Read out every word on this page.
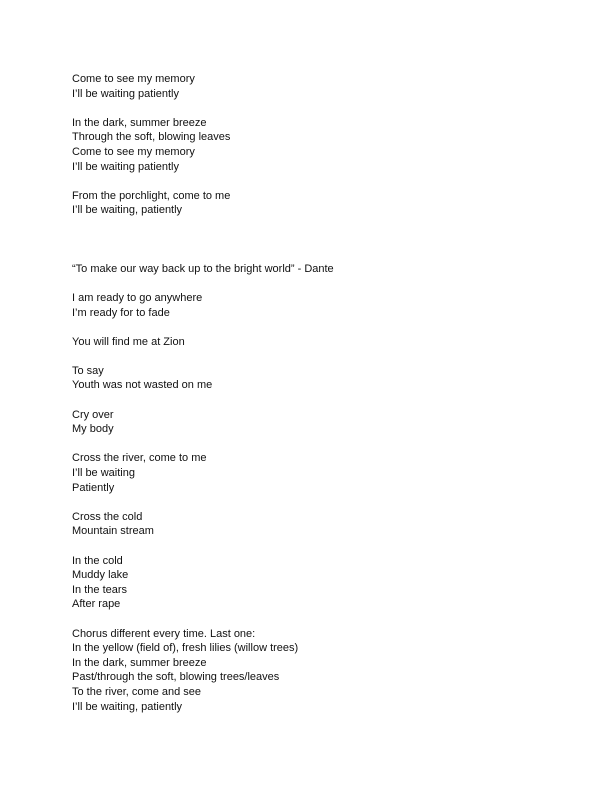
Come to see my memory
I’ll be waiting patiently
In the dark, summer breeze
Through the soft, blowing leaves
Come to see my memory
I’ll be waiting patiently
From the porchlight, come to me
I’ll be waiting, patiently
“To make our way back up to the bright world” - Dante
I am ready to go anywhere
I’m ready for to fade
You will find me at Zion
To say
Youth was not wasted on me
Cry over
My body
Cross the river, come to me
I’ll be waiting
Patiently
Cross the cold
Mountain stream
In the cold
Muddy lake
In the tears
After rape
Chorus different every time. Last one:
In the yellow (field of), fresh lilies (willow trees)
In the dark, summer breeze
Past/through the soft, blowing trees/leaves
To the river, come and see
I’ll be waiting, patiently
